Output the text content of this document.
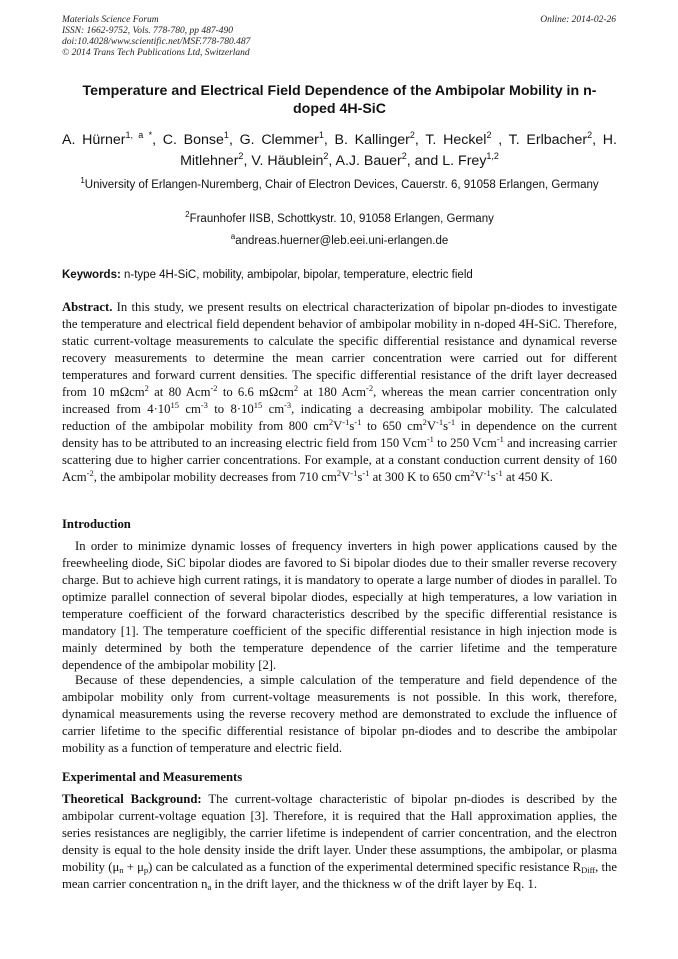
Materials Science Forum
ISSN: 1662-9752, Vols. 778-780, pp 487-490
doi:10.4028/www.scientific.net/MSF.778-780.487
© 2014 Trans Tech Publications Ltd, Switzerland
Online: 2014-02-26
Temperature and Electrical Field Dependence of the Ambipolar Mobility in n-doped 4H-SiC
A. Hürner$^{1, a *}$, C. Bonse$^1$, G. Clemmer$^1$, B. Kallinger$^2$, T. Heckel$^2$ , T. Erlbacher$^2$, H. Mitlehner$^2$, V. Häublein$^2$, A.J. Bauer$^2$, and L. Frey$^{1,2}$
$^1$University of Erlangen-Nuremberg, Chair of Electron Devices, Cauerstr. 6, 91058 Erlangen, Germany
$^2$Fraunhofer IISB, Schottkystr. 10, 91058 Erlangen, Germany
$^a$andreas.huerner@leb.eei.uni-erlangen.de
Keywords: n-type 4H-SiC, mobility, ambipolar, bipolar, temperature, electric field

Abstract. In this study, we present results on electrical characterization of bipolar pn-diodes to investigate the temperature and electrical field dependent behavior of ambipolar mobility in n-doped 4H-SiC. Therefore, static current-voltage measurements to calculate the specific differential resistance and dynamical reverse recovery measurements to determine the mean carrier concentration were carried out for different temperatures and forward current densities. The specific differential resistance of the drift layer decreased from 10 mΩcm$^2$ at 80 Acm$^{-2}$ to 6.6 mΩcm$^2$ at 180 Acm$^{-2}$, whereas the mean carrier concentration only increased from $4\cdot 10^{15}$ $cm^{-3}$ to $8\cdot 10^{15}$ $cm^{-3}$, indicating a decreasing ambipolar mobility. The calculated reduction of the ambipolar mobility from 800 $cm^2V^{-1}s^{-1}$ to 650 $cm^2V^{-1}s^{-1}$ in dependence on the current density has to be attributed to an increasing electric field from 150 Vcm$^{-1}$ to 250 Vcm$^{-1}$ and increasing carrier scattering due to higher carrier concentrations. For example, at a constant conduction current density of 160 Acm$^{-2}$, the ambipolar mobility decreases from 710 $cm^2V^{-1}s^{-1}$ at 300 K to 650 $cm^2V^{-1}s^{-1}$ at 450 K.

Introduction

In order to minimize dynamic losses of frequency inverters in high power applications caused by the freewheeling diode, SiC bipolar diodes are favored to Si bipolar diodes due to their smaller reverse recovery charge. But to achieve high current ratings, it is mandatory to operate a large number of diodes in parallel. To optimize parallel connection of several bipolar diodes, especially at high temperatures, a low variation in temperature coefficient of the forward characteristics described by the specific differential resistance is mandatory [1]. The temperature coefficient of the specific differential resistance in high injection mode is mainly determined by both the temperature dependence of the carrier lifetime and the temperature dependence of the ambipolar mobility [2].

Because of these dependencies, a simple calculation of the temperature and field dependence of the ambipolar mobility only from current-voltage measurements is not possible. In this work, therefore, dynamical measurements using the reverse recovery method are demonstrated to exclude the influence of carrier lifetime to the specific differential resistance of bipolar pn-diodes and to describe the ambipolar mobility as a function of temperature and electric field.

Experimental and Measurements

Theoretical Background: The current-voltage characteristic of bipolar pn-diodes is described by the ambipolar current-voltage equation [3]. Therefore, it is required that the Hall approximation applies, the series resistances are negligibly, the carrier lifetime is independent of carrier concentration, and the electron density is equal to the hole density inside the drift layer. Under these assumptions, the ambipolar, or plasma mobility $(\mu_n + \mu_p)$ can be calculated as a function of the experimental determined specific resistance $R_{Diff}$, the mean carrier concentration $n_a$ in the drift layer, and the thickness w of the drift layer by Eq. 1.
